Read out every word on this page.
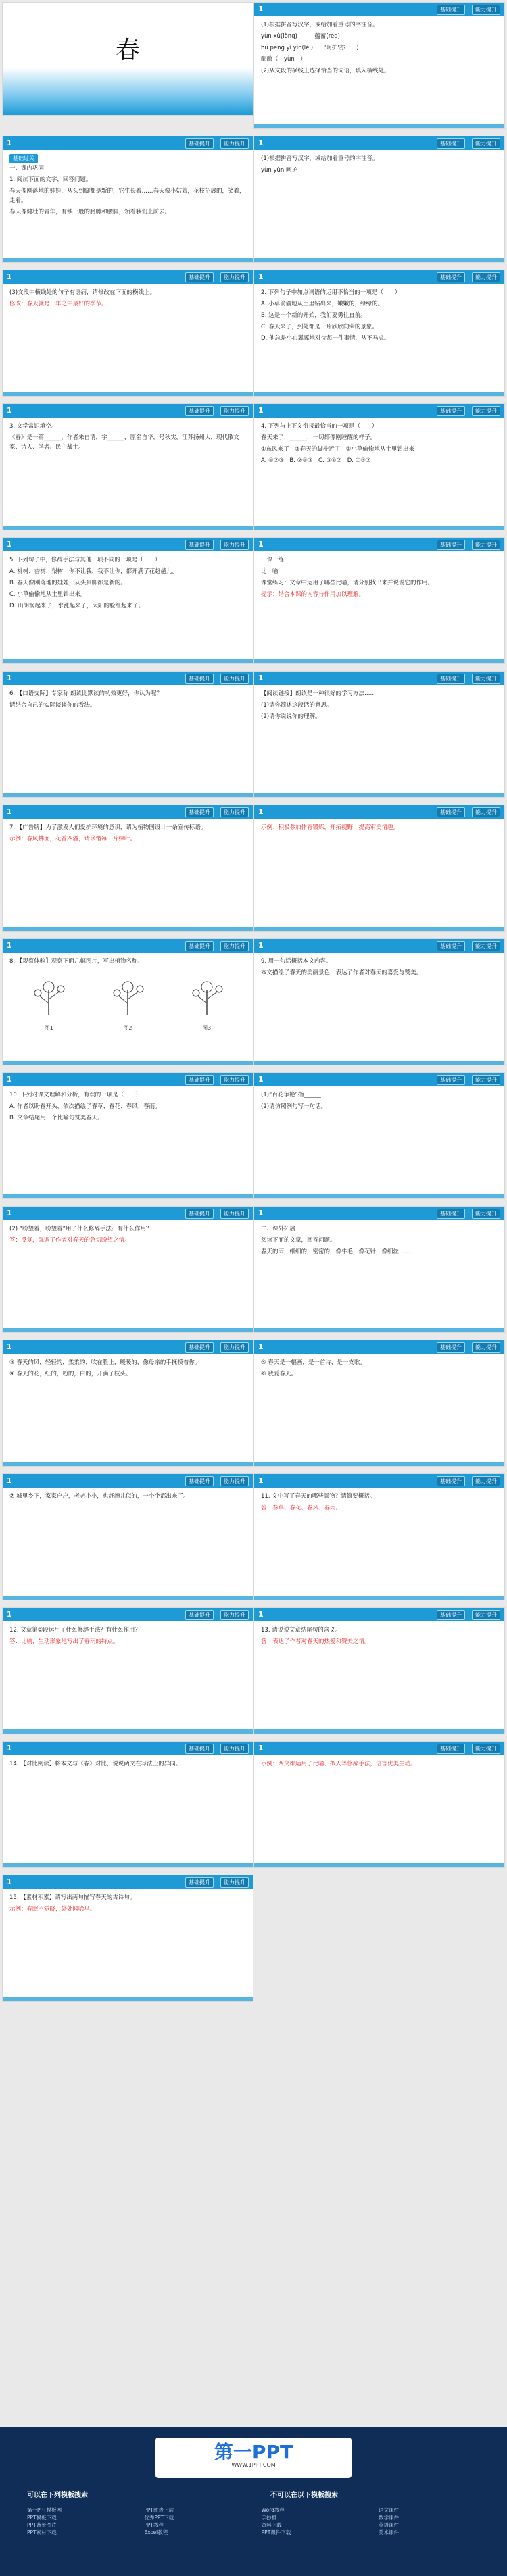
春
1	基础提升	能力提升

(1)根据拼音写汉字，或给加着重号的字注音。

yùn xù(lòng)　　　蕴蓄(red)

hú pēng yǐ yǐn(léi)　　'呵护'亦　　)

酝酿（　yùn　）

(2)从文段的横线上选择恰当的词语，填入横线处。

1	基础提升	能力提升
基础过关

一、课内巩固

1. 阅读下面的文字，回答问题。

春天像刚落地的娃娃，从头到脚都是新的，它生长着……春天像小姑娘，花枝招展的，笑着，走着。

春天像健壮的青年，有铁一般的胳膊和腰脚，领着我们上前去。

1	基础提升	能力提升

(1)根据拼音写汉字，或给加着重号的字注音。

yùn yùn 呵护

1	基础提升	能力提升

(3)文段中横线处的句子有语病，请修改在下面的横线上。

修改：春天就是一年之中最好的季节。

1	基础提升	能力提升

2. 下列句子中加点词语的运用不恰当的一项是（　　）

A. 小草偷偷地从土里钻出来，嫩嫩的，绿绿的。

B. 这是一个新的开始，我们要勇往直前。

C. 春天来了，到处都是一片欣欣向荣的景象。

D. 他总是小心翼翼地对待每一件事情，从不马虎。

1	基础提升	能力提升

3. 文学常识填空。

《春》是一篇______，作者朱自清，字______，原名自华，号秋实，江苏扬州人，现代散文家、诗人、学者、民主战士。

1	基础提升	能力提升

4. 下列与上下文衔接最恰当的一项是（　　）

春天来了，______，一切都像刚睡醒的样子。

①东风来了　②春天的脚步近了　③小草偷偷地从土里钻出来

A. ①②③　B. ②①③　C. ③①②　D. ①③②

1	基础提升	能力提升

5. 下列句子中，修辞手法与其他三项不同的一项是（　　）

A. 桃树、杏树、梨树，你不让我，我不让你，都开满了花赶趟儿。

B. 春天像刚落地的娃娃，从头到脚都是新的。

C. 小草偷偷地从土里钻出来。

D. 山朗润起来了，水涨起来了，太阳的脸红起来了。

1	基础提升	能力提升

一课一练

比　喻

课堂练习：文章中运用了哪些比喻，请分别找出来并说说它的作用。

提示：结合本课的内容与作用加以理解。

1	基础提升	能力提升

6. 【口语交际】专家称 朗读比默读的功效更好，你认为呢？

请结合自己的实际谈谈你的看法。

1	基础提升	能力提升

【阅读链接】朗读是一种很好的学习方法……

(1)请你简述这段话的意思。

(2)请你说说你的理解。

1	基础提升	能力提升

7. 【广告牌】为了激发人们爱护环境的意识，请为植物园设计一条宣传标语。

示例：春风拂面，花香四溢，请珍惜每一片绿叶。

1	基础提升	能力提升

示例：积极参加体育锻炼，开拓视野，提高审美情趣。

1	基础提升	能力提升

8. 【观察体验】观察下面几幅图片，写出植物名称。

图1	图2	图3
1	基础提升	能力提升

9. 用一句话概括本文内容。

本文描绘了春天的美丽景色，表达了作者对春天的喜爱与赞美。

1	基础提升	能力提升

10. 下列对课文理解和分析，有误的一项是（　　）

A. 作者以盼春开头，依次描绘了春草、春花、春风、春雨。

B. 文章结尾用三个比喻句赞美春天。

1	基础提升	能力提升

(1)“百花争艳”指______

(2)请仿照例句写一句话。

1	基础提升	能力提升

(2) “盼望着，盼望着”用了什么修辞手法？有什么作用？

答：反复，强调了作者对春天的急切盼望之情。

1	基础提升	能力提升

二、课外拓展

阅读下面的文章，回答问题。

春天的雨，细细的，密密的，像牛毛，像花针，像细丝……

1	基础提升	能力提升

③ 春天的风，轻轻的，柔柔的，吹在脸上，暖暖的，像母亲的手抚摸着你。

④ 春天的花，红的，粉的，白的，开满了枝头。

1	基础提升	能力提升

⑤ 春天是一幅画，是一首诗，是一支歌。

⑥ 我爱春天。

1	基础提升	能力提升

⑦ 城里乡下，家家户户，老老小小，也赶趟儿似的，一个个都出来了。

1	基础提升	能力提升

11. 文中写了春天的哪些景物？请简要概括。

答：春草、春花、春风、春雨。

1	基础提升	能力提升

12. 文章第②段运用了什么修辞手法？有什么作用？

答：比喻，生动形象地写出了春雨的特点。

1	基础提升	能力提升

13. 请说说文章结尾句的含义。

答：表达了作者对春天的热爱和赞美之情。

1	基础提升	能力提升

14. 【对比阅读】将本文与《春》对比，说说两文在写法上的异同。

1	基础提升	能力提升

示例：两文都运用了比喻、拟人等修辞手法，语言优美生动。

1	基础提升	能力提升

15. 【素材积累】请写出两句描写春天的古诗句。

示例：春眠不觉晓，处处闻啼鸟。

第一PPT
WWW.1PPT.COM
可以在下列模板搜索	不可以在以下模板搜索
第一PPT模板网
PPT模板下载
PPT背景图片
PPT素材下载
PPT图表下载
优秀PPT下载
PPT教程
Excel教程
Word教程
手抄报
资料下载
PPT课件下载
语文课件
数学课件
英语课件
美术课件
